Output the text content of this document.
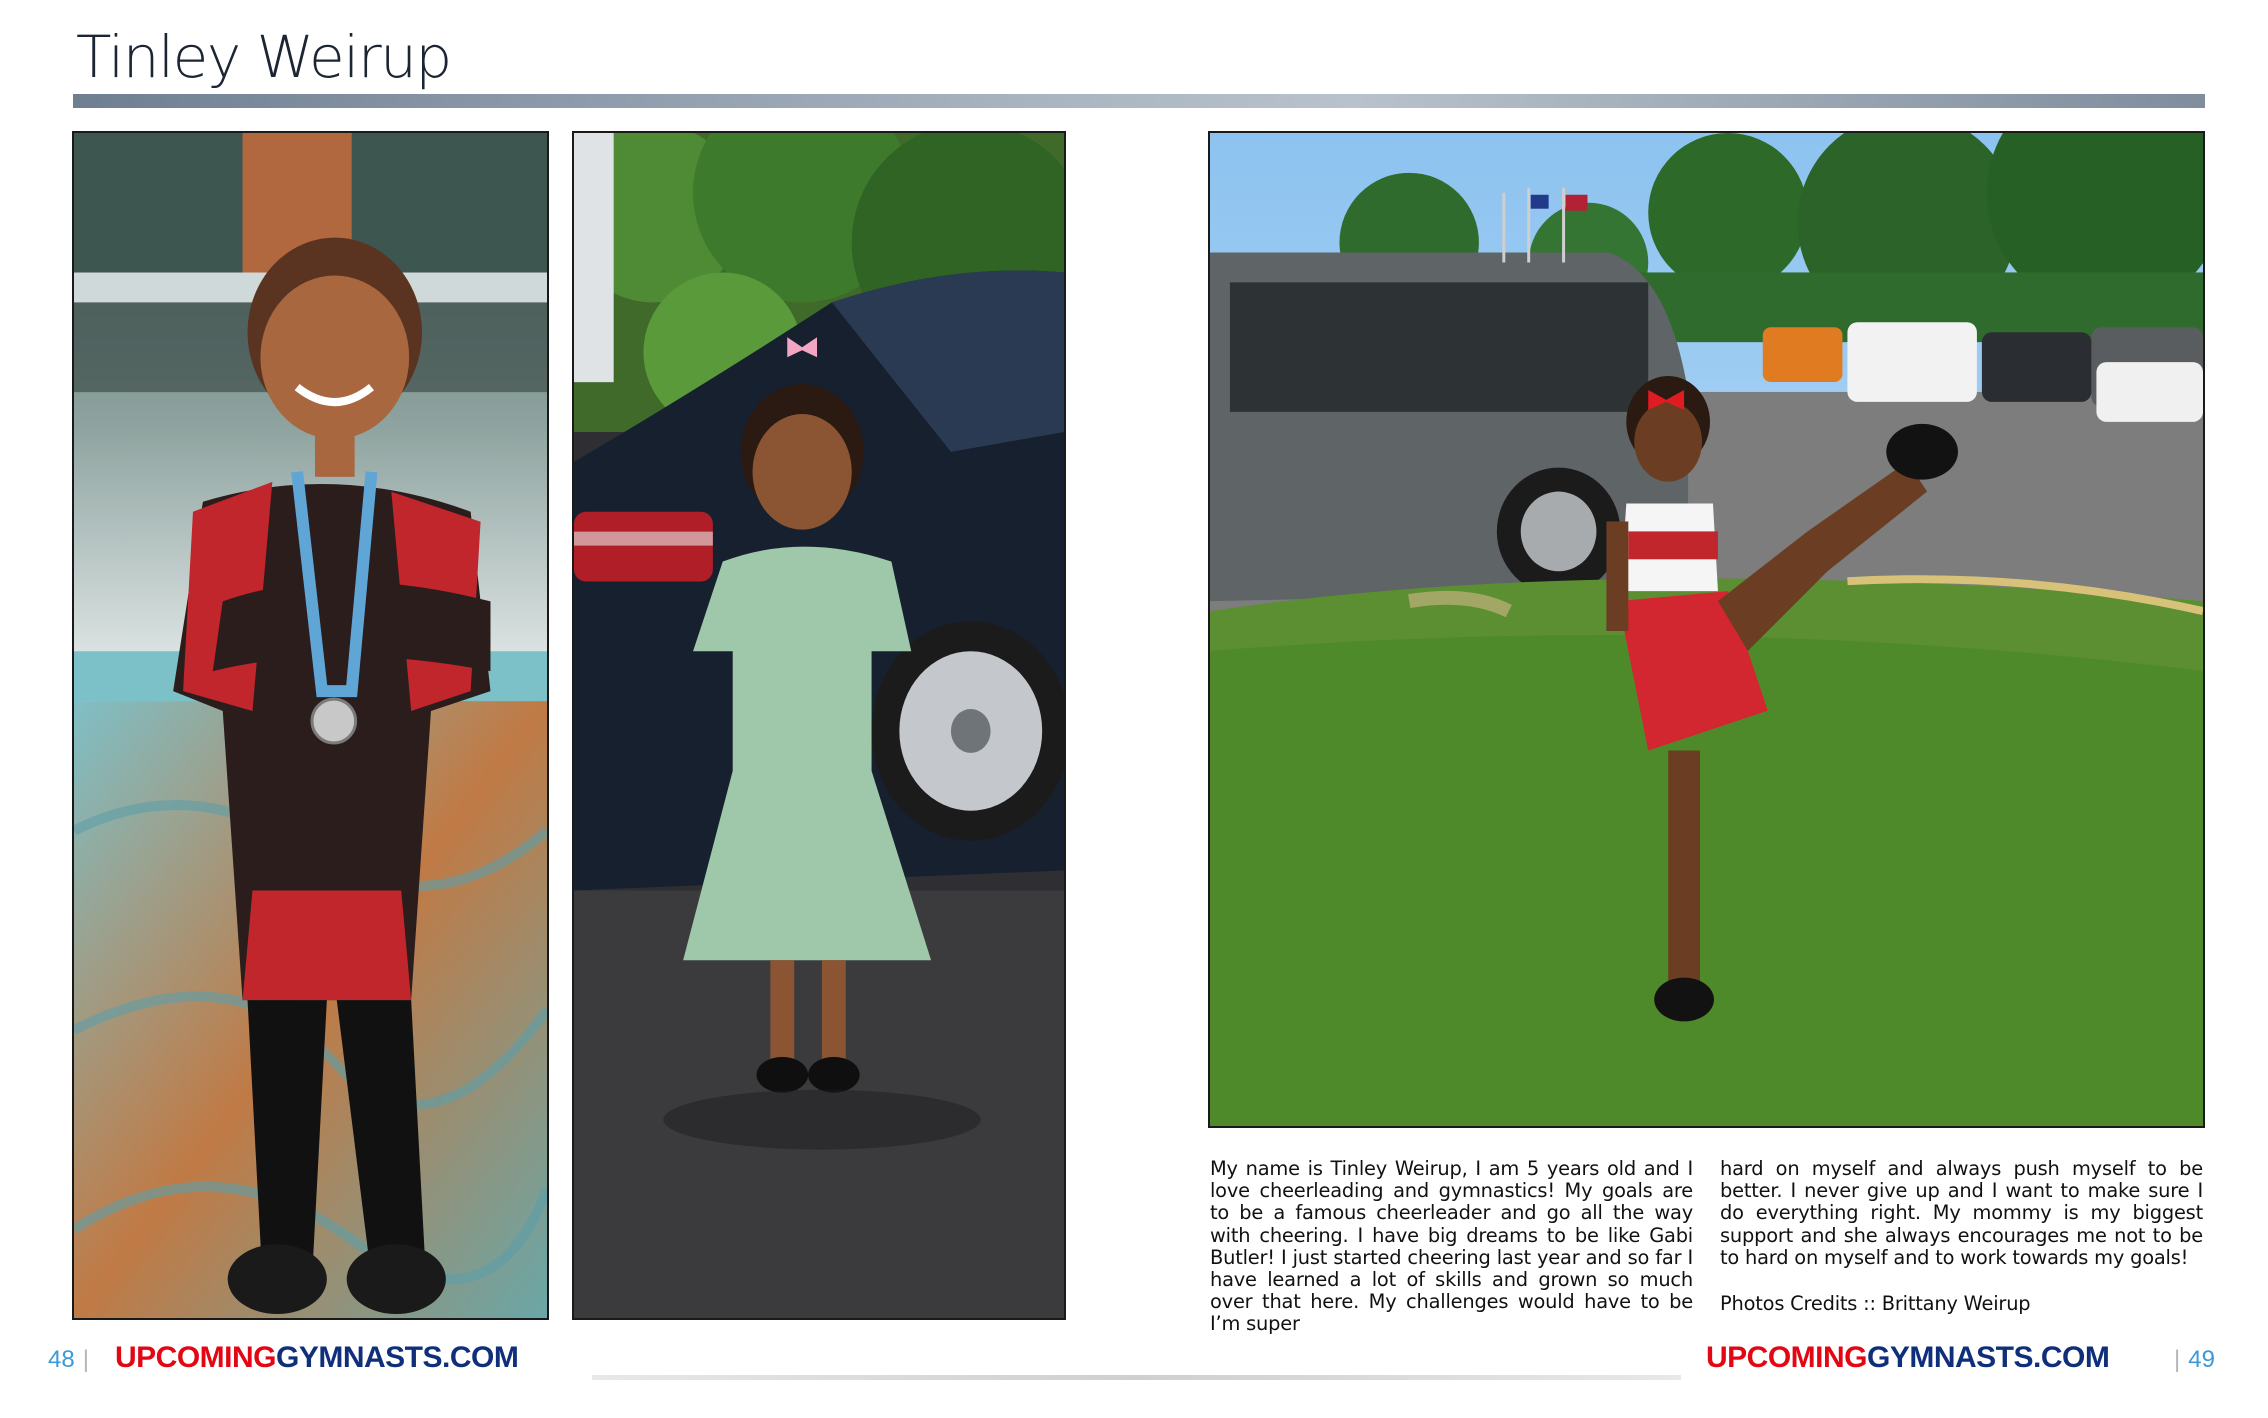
Tinley Weirup
My name is Tinley Weirup, I am 5 years old and I love cheerleading and gymnastics! My goals are to be a famous cheerleader and go all the way with cheering. I have big dreams to be like Gabi Butler! I just started cheering last year and so far I have learned a lot of skills and grown so much over that here. My challenges would have to be I’m super
hard on myself and always push myself to be better. I never give up and I want to make sure I do everything right. My mommy is my biggest support and she always encourages me not to be to hard on myself and to work towards my goals!
Photos Credits :: Brittany Weirup
48 | UPCOMINGGYMNASTS.COM	UPCOMINGGYMNASTS.COM	| 49
